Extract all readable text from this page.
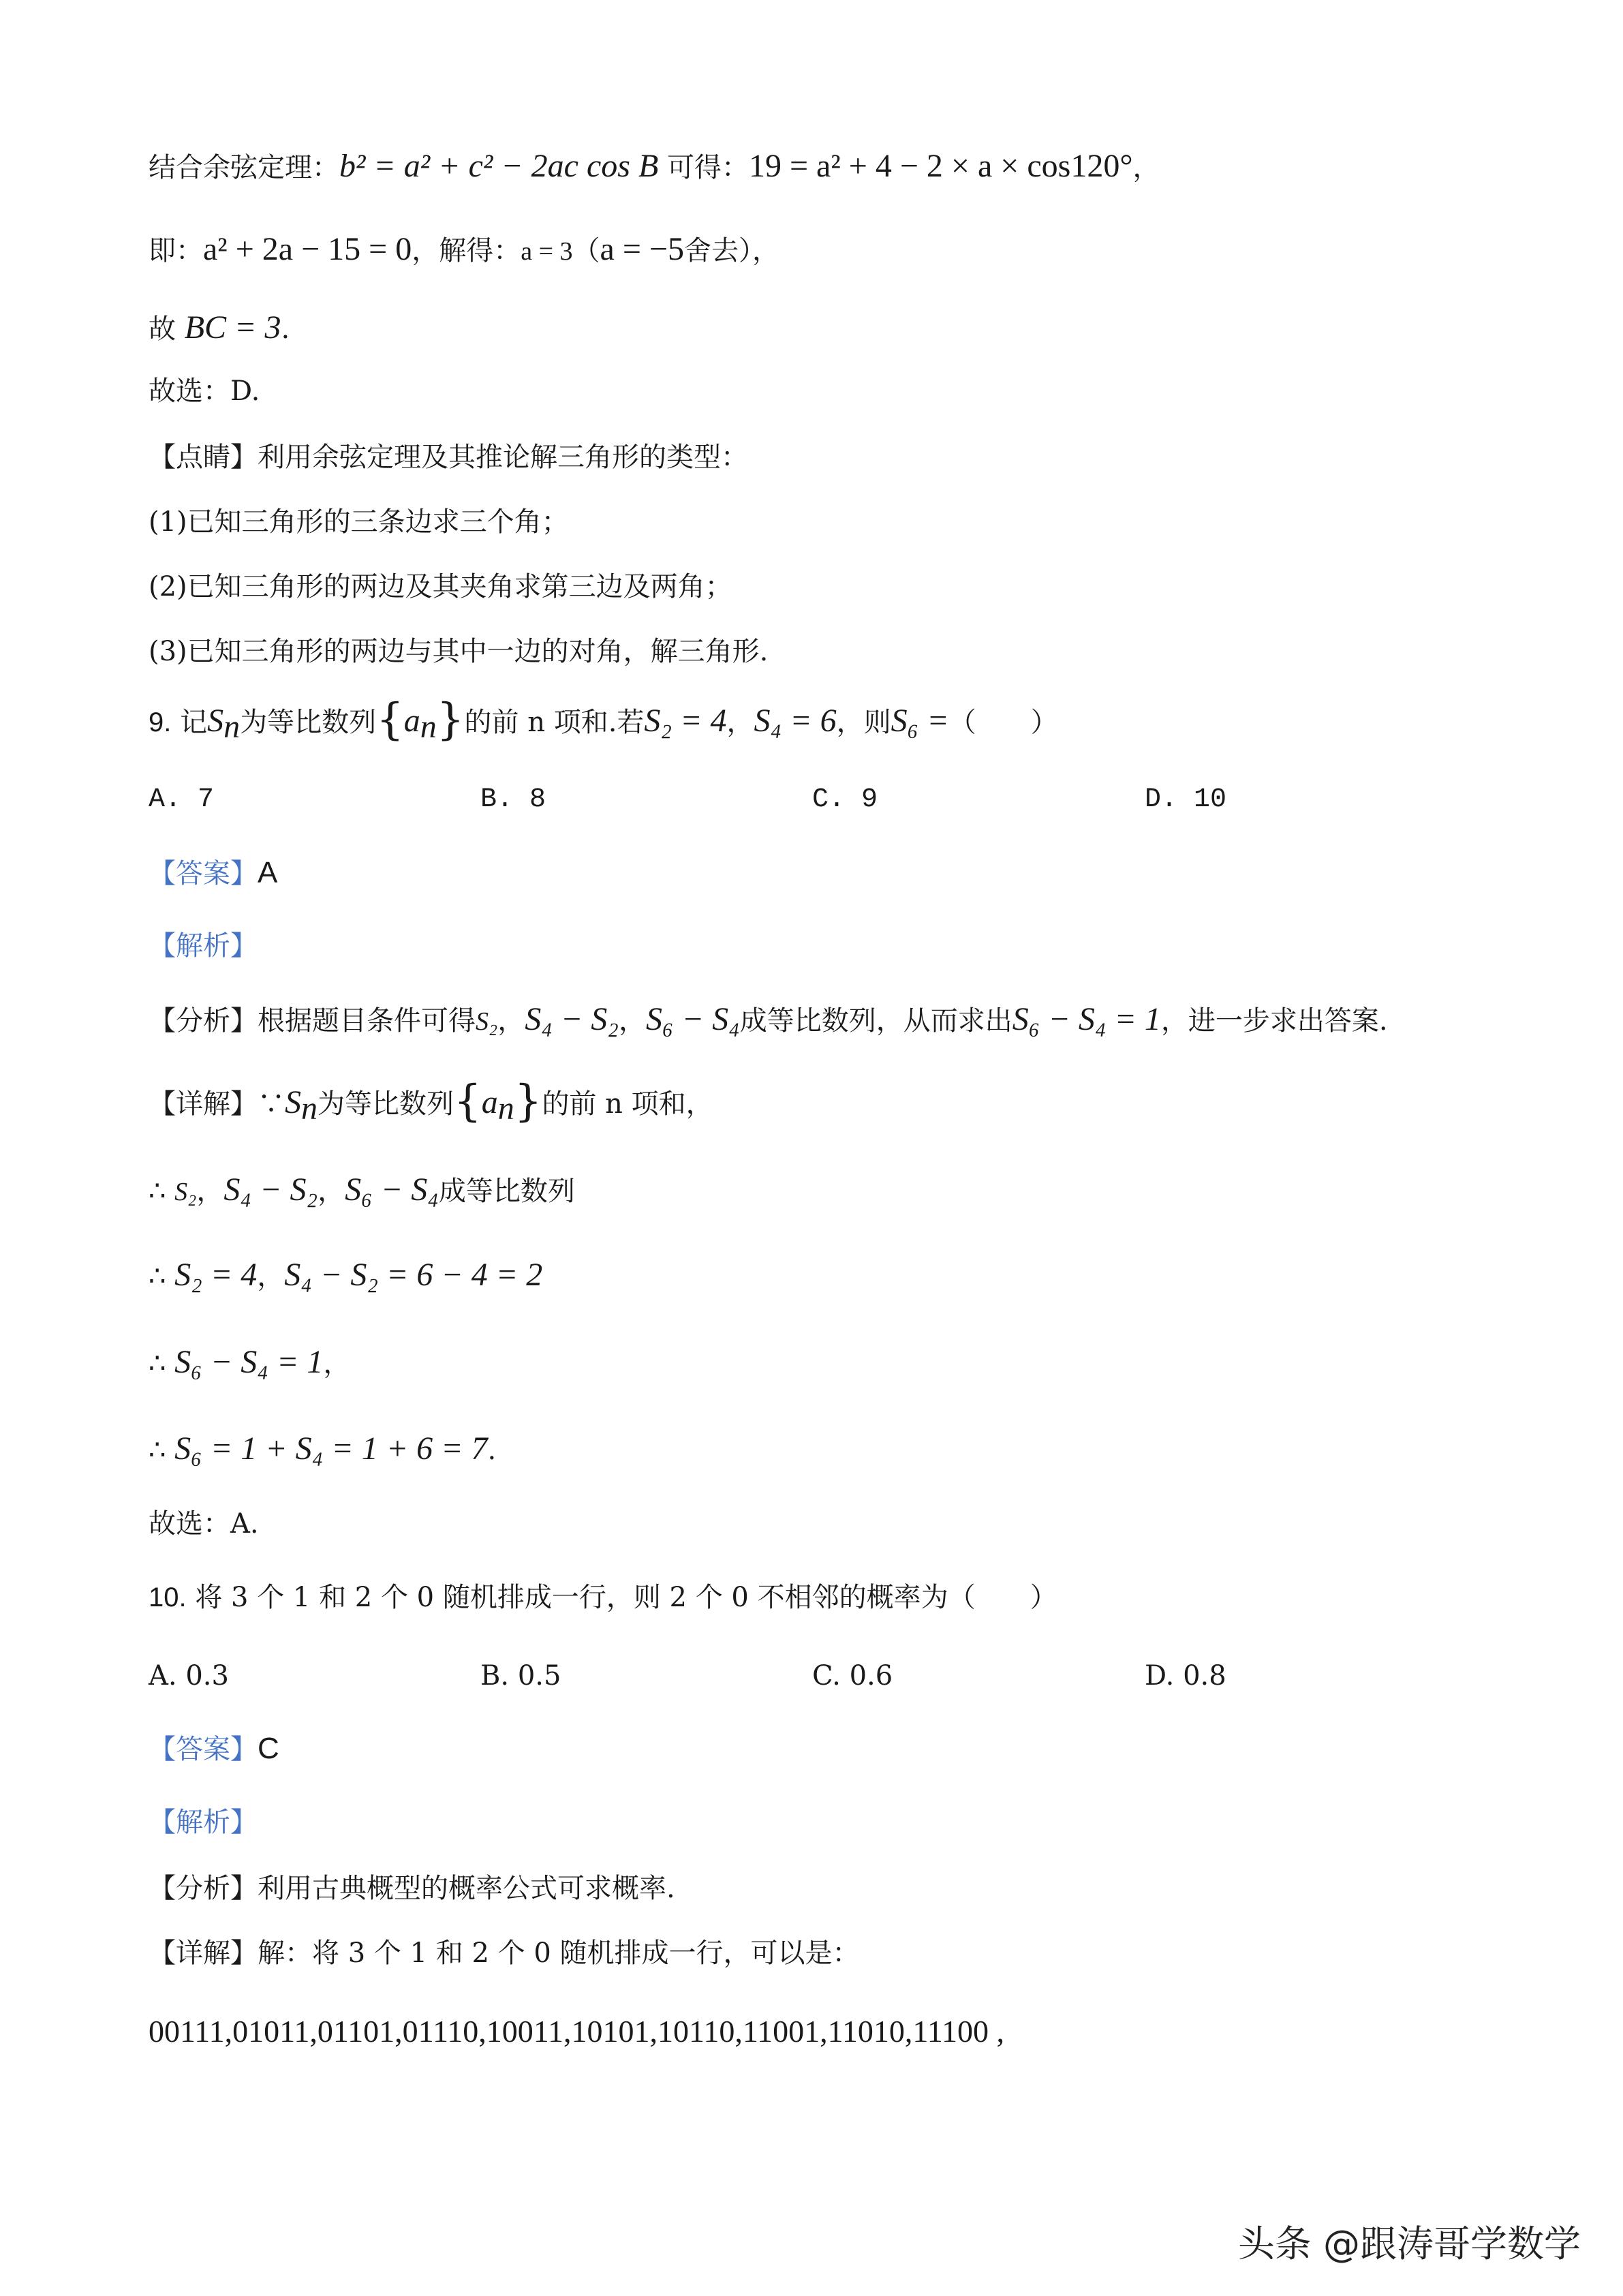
结合余弦定理：b² = a² + c² − 2ac cos B 可得：19 = a² + 4 − 2 × a × cos120°，
即：a² + 2a − 15 = 0，解得：a = 3（a = −5舍去），
故 BC = 3.
故选：D.
【点睛】利用余弦定理及其推论解三角形的类型：
(1)已知三角形的三条边求三个角；
(2)已知三角形的两边及其夹角求第三边及两角；
(3)已知三角形的两边与其中一边的对角，解三角形.
9. 记$S_n$为等比数列$\{a_n\}$的前 n 项和.若S₂ = 4，S₄ = 6，则S₆ =（　　）
A. 7	B. 8	C. 9	D. 10
【答案】A
【解析】
【分析】根据题目条件可得S₂，S₄ − S₂，S₆ − S₄成等比数列，从而求出S₆ − S₄ = 1，进一步求出答案.
【详解】$\because S_n$为等比数列$\{a_n\}$的前 n 项和，
∴ S₂，S₄ − S₂，S₆ − S₄成等比数列
∴ S₂ = 4，S₄ − S₂ = 6 − 4 = 2
∴ S₆ − S₄ = 1，
∴ S₆ = 1 + S₄ = 1 + 6 = 7.
故选：A.
10. 将 3 个 1 和 2 个 0 随机排成一行，则 2 个 0 不相邻的概率为（　　）
A. 0.3	B. 0.5	C. 0.6	D. 0.8
【答案】C
【解析】
【分析】利用古典概型的概率公式可求概率.
【详解】解：将 3 个 1 和 2 个 0 随机排成一行，可以是：
00111,01011,01101,01110,10011,10101,10110,11001,11010,11100 ,
头条 @跟涛哥学数学
